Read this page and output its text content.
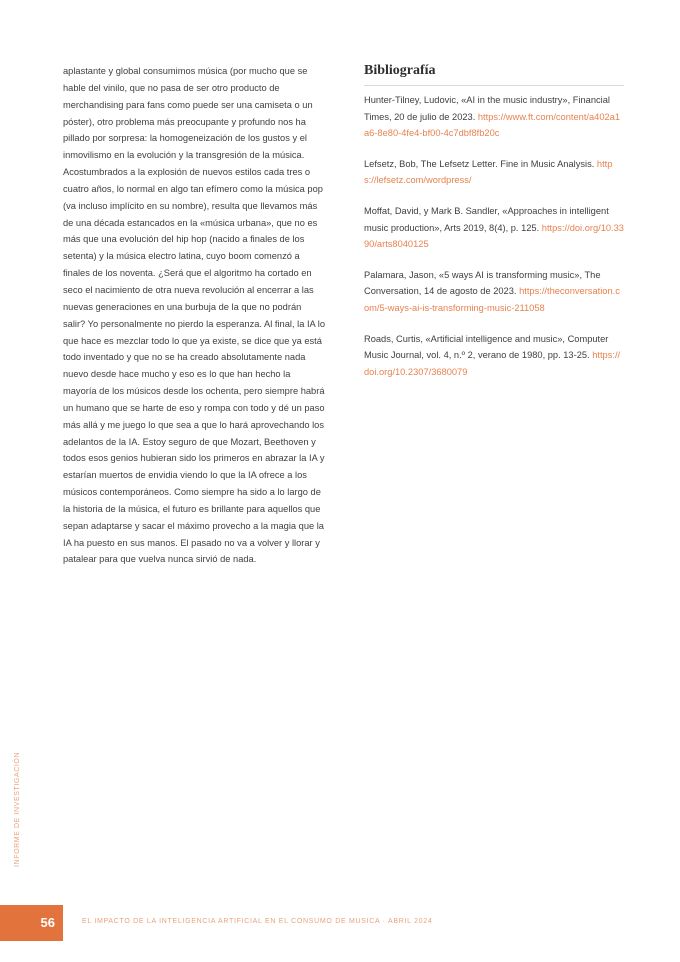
aplastante y global consumimos música (por mucho que se hable del vinilo, que no pasa de ser otro producto de merchandising para fans como puede ser una camiseta o un póster), otro problema más preocupante y profundo nos ha pillado por sorpresa: la homogeneización de los gustos y el inmovilismo en la evolución y la transgresión de la música. Acostumbrados a la explosión de nuevos estilos cada tres o cuatro años, lo normal en algo tan efímero como la música pop (va incluso implícito en su nombre), resulta que llevamos más de una década estancados en la «música urbana», que no es más que una evolución del hip hop (nacido a finales de los setenta) y la música electro latina, cuyo boom comenzó a finales de los noventa. ¿Será que el algoritmo ha cortado en seco el nacimiento de otra nueva revolución al encerrar a las nuevas generaciones en una burbuja de la que no podrán salir? Yo personalmente no pierdo la esperanza. Al final, la IA lo que hace es mezclar todo lo que ya existe, se dice que ya está todo inventado y que no se ha creado absolutamente nada nuevo desde hace mucho y eso es lo que han hecho la mayoría de los músicos desde los ochenta, pero siempre habrá un humano que se harte de eso y rompa con todo y dé un paso más allá y me juego lo que sea a que lo hará aprovechando los adelantos de la IA. Estoy seguro de que Mozart, Beethoven y todos esos genios hubieran sido los primeros en abrazar la IA y estarían muertos de envidia viendo lo que la IA ofrece a los músicos contemporáneos. Como siempre ha sido a lo largo de la historia de la música, el futuro es brillante para aquellos que sepan adaptarse y sacar el máximo provecho a la magia que la IA ha puesto en sus manos. El pasado no va a volver y llorar y patalear para que vuelva nunca sirvió de nada.

Bibliografía
Hunter-Tilney, Ludovic, «AI in the music industry», Financial Times, 20 de julio de 2023. https://www.ft.com/content/a402a1a6-8e80-4fe4-bf00-4c7dbf8fb20c
Lefsetz, Bob, The Lefsetz Letter. Fine in Music Analysis. https://lefsetz.com/wordpress/
Moffat, David, y Mark B. Sandler, «Approaches in intelligent music production», Arts 2019, 8(4), p. 125. https://doi.org/10.3390/arts8040125
Palamara, Jason, «5 ways AI is transforming music», The Conversation, 14 de agosto de 2023. https://theconversation.com/5-ways-ai-is-transforming-music-211058
Roads, Curtis, «Artificial intelligence and music», Computer Music Journal, vol. 4, n.º 2, verano de 1980, pp. 13-25. https://doi.org/10.2307/3680079
INFORME DE INVESTIGACIÓN
56	EL IMPACTO DE LA INTELIGENCIA ARTIFICIAL EN EL CONSUMO DE MÚSICA · ABRIL 2024
